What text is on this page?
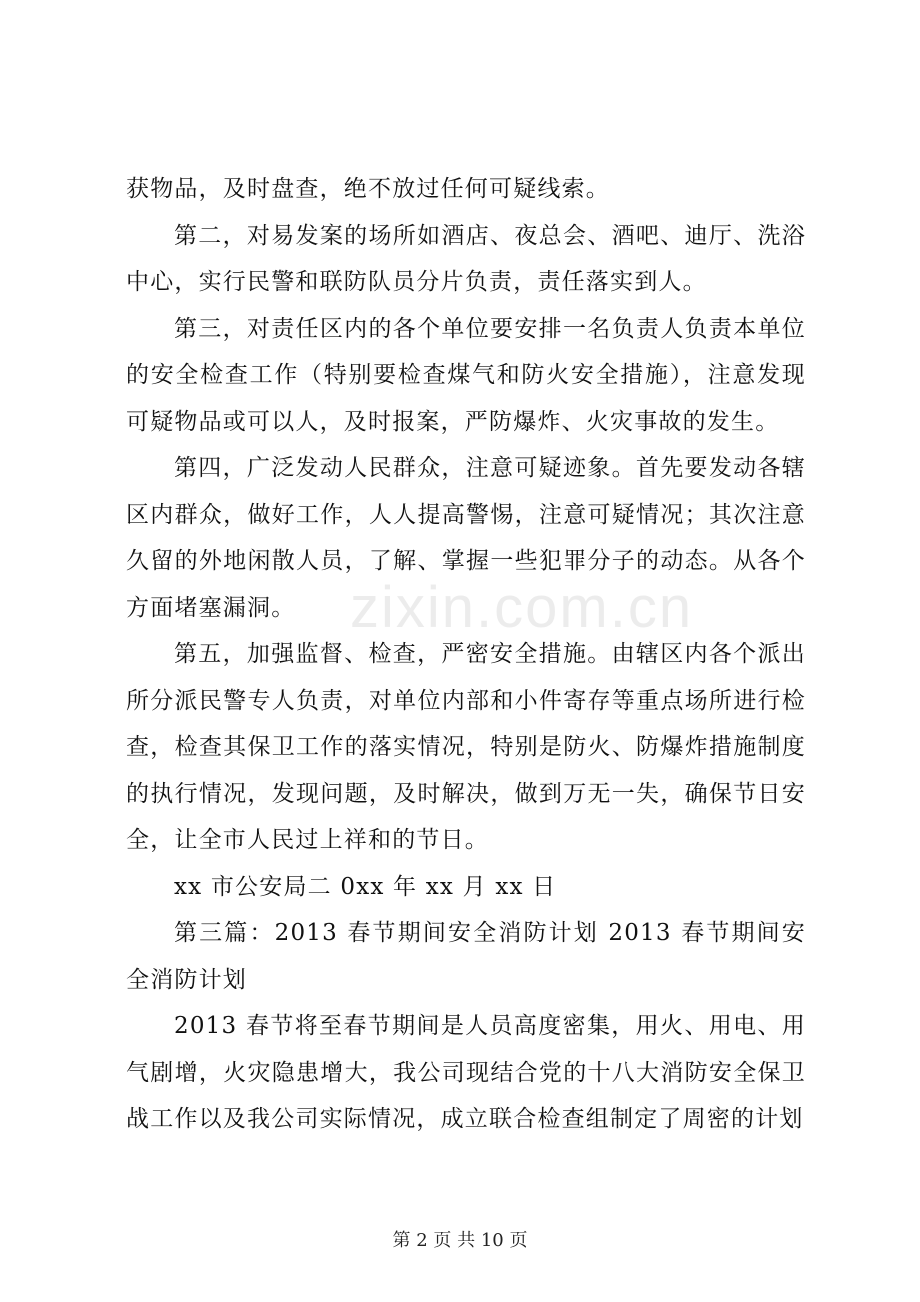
zixin.com.cn

获物品，及时盘查，绝不放过任何可疑线索。

第二，对易发案的场所如酒店、夜总会、酒吧、迪厅、洗浴中心，实行民警和联防队员分片负责，责任落实到人。

第三，对责任区内的各个单位要安排一名负责人负责本单位的安全检查工作（特别要检查煤气和防火安全措施），注意发现可疑物品或可以人，及时报案，严防爆炸、火灾事故的发生。

第四，广泛发动人民群众，注意可疑迹象。首先要发动各辖区内群众，做好工作，人人提高警惕，注意可疑情况；其次注意久留的外地闲散人员，了解、掌握一些犯罪分子的动态。从各个方面堵塞漏洞。

第五，加强监督、检查，严密安全措施。由辖区内各个派出所分派民警专人负责，对单位内部和小件寄存等重点场所进行检查，检查其保卫工作的落实情况，特别是防火、防爆炸措施制度的执行情况，发现问题，及时解决，做到万无一失，确保节日安全，让全市人民过上祥和的节日。

xx 市公安局二 0xx 年 xx 月 xx 日

第三篇：2013 春节期间安全消防计划 2013 春节期间安全消防计划

2013 春节将至春节期间是人员高度密集，用火、用电、用气剧增，火灾隐患增大，我公司现结合党的十八大消防安全保卫战工作以及我公司实际情况，成立联合检查组制定了周密的计划

第 2 页 共 10 页
